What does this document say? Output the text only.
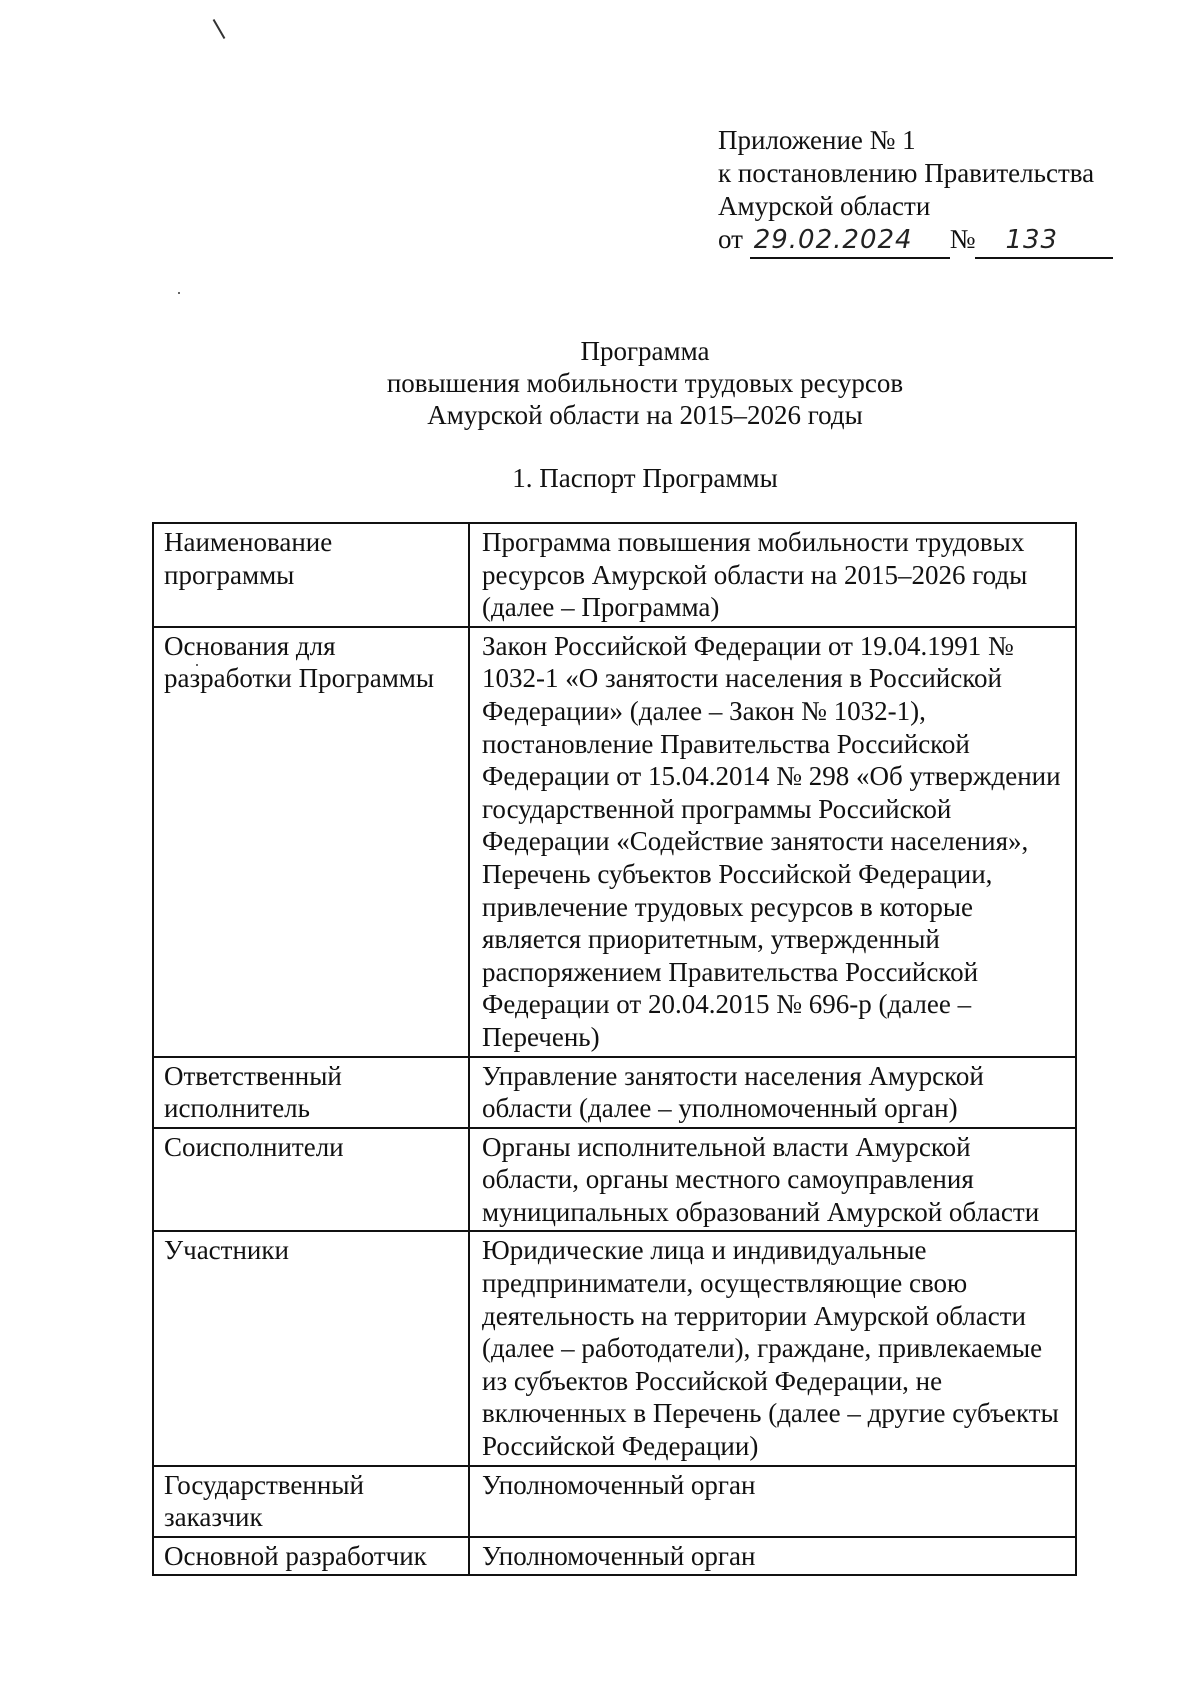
Приложение № 1
к постановлению Правительства
Амурской области
от 29.02.2024 № 133
Программа
повышения мобильности трудовых ресурсов
Амурской области на 2015–2026 годы
1. Паспорт Программы
Наименование программы	Программа повышения мобильности трудовых ресурсов Амурской области на 2015–2026 годы (далее – Программа)
Основания для разработки Программы	Закон Российской Федерации от 19.04.1991 № 1032-1 «О занятости населения в Российской Федерации» (далее – Закон № 1032-1), постановление Правительства Российской Федерации от 15.04.2014 № 298 «Об утверждении государственной программы Российской Федерации «Содействие занятости населения», Перечень субъектов Российской Федерации, привлечение трудовых ресурсов в которые является приоритетным, утвержденный распоряжением Правительства Российской Федерации от 20.04.2015 № 696-р (далее – Перечень)
Ответственный исполнитель	Управление занятости населения Амурской области (далее – уполномоченный орган)
Соисполнители	Органы исполнительной власти Амурской области, органы местного самоуправления муниципальных образований Амурской области
Участники	Юридические лица и индивидуальные предприниматели, осуществляющие свою деятельность на территории Амурской области (далее – работодатели), граждане, привлекаемые из субъектов Российской Федерации, не включенных в Перечень (далее – другие субъекты Российской Федерации)
Государственный заказчик	Уполномоченный орган
Основной разработчик	Уполномоченный орган
